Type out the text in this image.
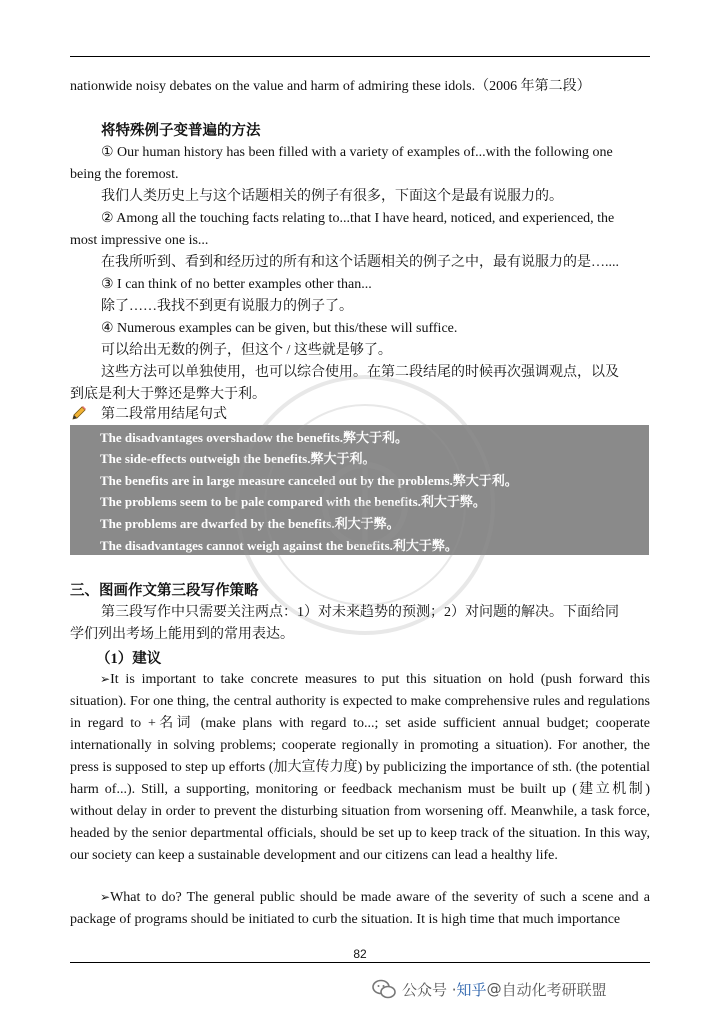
nationwide noisy debates on the value and harm of admiring these idols.（2006 年第二段）
将特殊例子变普遍的方法
① Our human history has been filled with a variety of examples of...with the following one
being the foremost.
我们人类历史上与这个话题相关的例子有很多，下面这个是最有说服力的。
② Among all the touching facts relating to...that I have heard, noticed, and experienced, the
most impressive one is...
在我所听到、看到和经历过的所有和这个话题相关的例子之中，最有说服力的是…....
③ I can think of no better examples other than...
除了……我找不到更有说服力的例子了。
④ Numerous examples can be given, but this/these will suffice.
可以给出无数的例子，但这个 / 这些就是够了。
这些方法可以单独使用，也可以综合使用。在第二段结尾的时候再次强调观点，以及
到底是利大于弊还是弊大于利。
第二段常用结尾句式
The disadvantages overshadow the benefits.弊大于利。
The side-effects outweigh the benefits.弊大于利。
The benefits are in large measure canceled out by the problems.弊大于利。
The problems seem to be pale compared with the benefits.利大于弊。
The problems are dwarfed by the benefits.利大于弊。
The disadvantages cannot weigh against the benefits.利大于弊。
三、图画作文第三段写作策略
第三段写作中只需要关注两点：1）对未来趋势的预测；2）对问题的解决。下面给同
学们列出考场上能用到的常用表达。
（1）建议
➢It is important to take concrete measures to put this situation on hold (push forward this situation). For one thing, the central authority is expected to make comprehensive rules and regulations in regard to +名词 (make plans with regard to...; set aside sufficient annual budget; cooperate internationally in solving problems; cooperate regionally in promoting a situation). For another, the press is supposed to step up efforts (加大宣传力度) by publicizing the importance of sth. (the potential harm of...). Still, a supporting, monitoring or feedback mechanism must be built up (建立机制) without delay in order to prevent the disturbing situation from worsening off. Meanwhile, a task force, headed by the senior departmental officials, should be set up to keep track of the situation. In this way, our society can keep a sustainable development and our citizens can lead a healthy life.
➢What to do? The general public should be made aware of the severity of such a scene and a package of programs should be initiated to curb the situation. It is high time that much importance
82
公众号 · 知乎 @ 自动化考研联盟
